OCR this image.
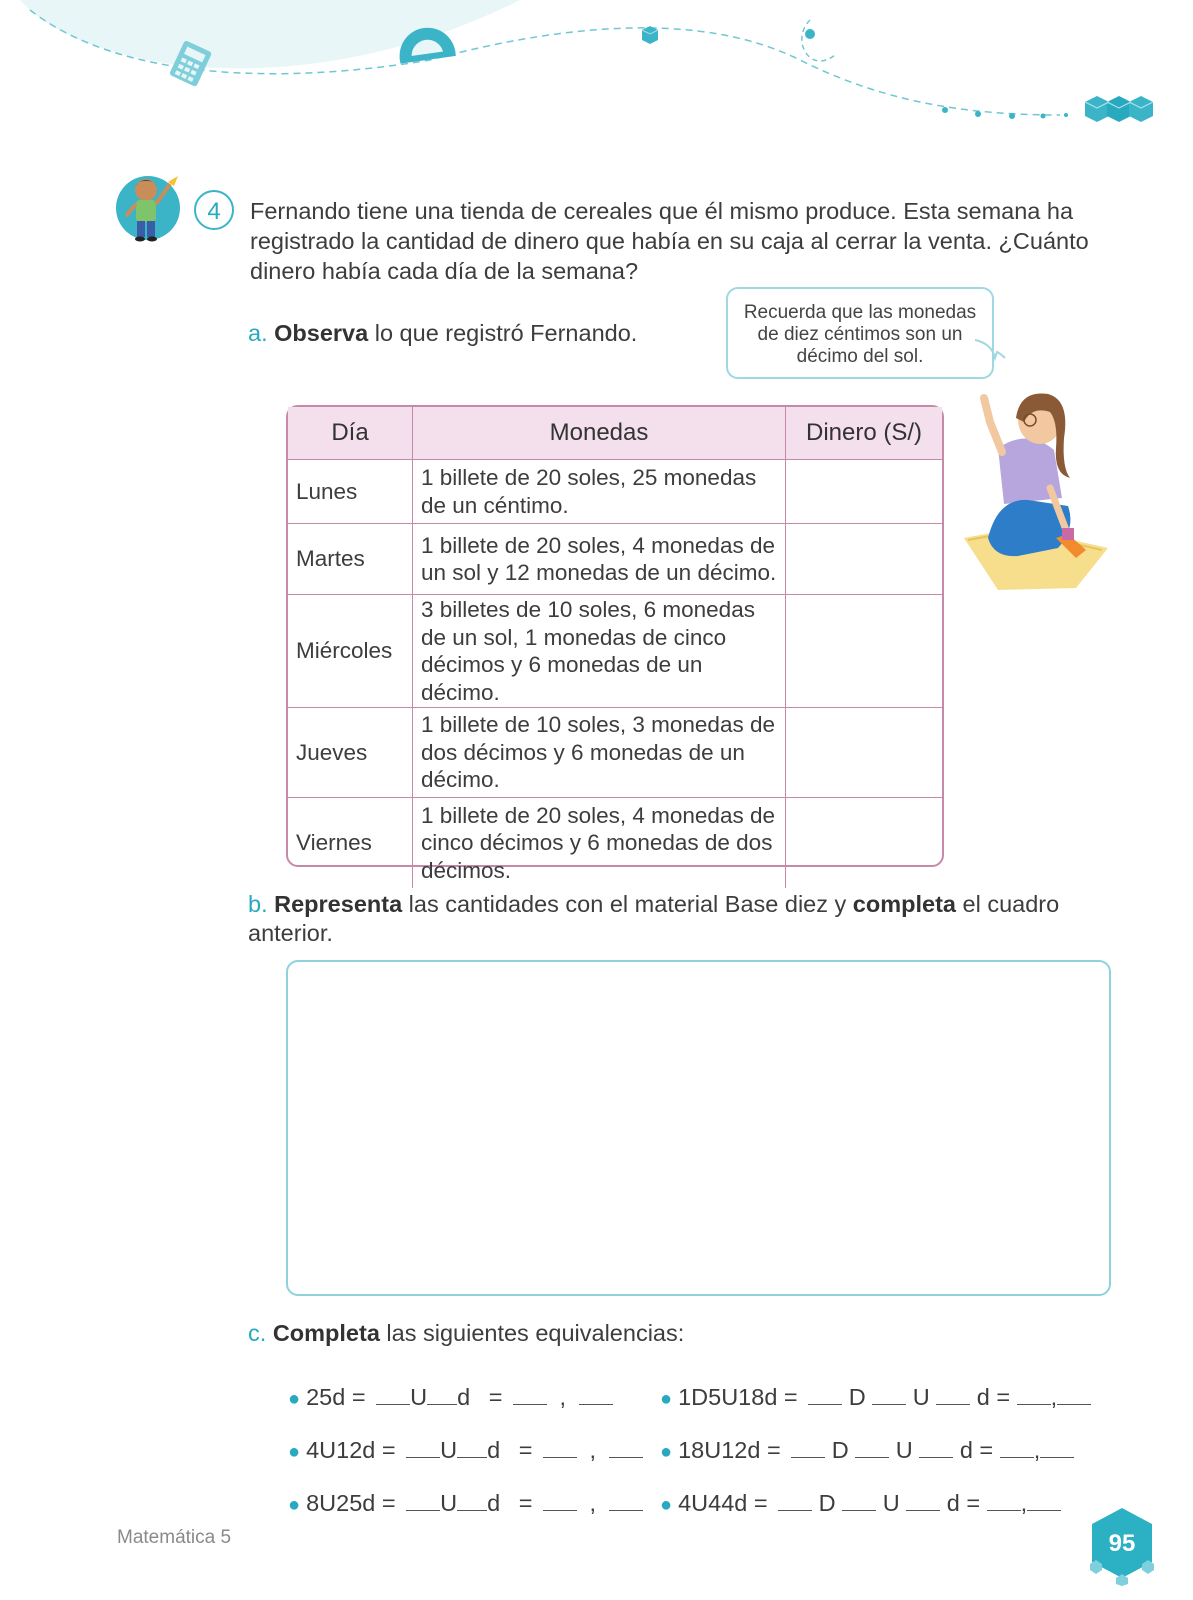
4	Fernando tiene una tienda de cereales que él mismo produce. Esta semana ha registrado la cantidad de dinero que había en su caja al cerrar la venta. ¿Cuánto dinero había cada día de la semana?
a. Observa lo que registró Fernando.
Recuerda que las monedas
de diez céntimos son un
décimo del sol.
Día	Monedas	Dinero (S/)
Lunes	1 billete de 20 soles, 25 monedas de un céntimo.	
Martes	1 billete de 20 soles, 4 monedas de un sol y 12 monedas de un décimo.	
Miércoles	3 billetes de 10 soles, 6 monedas de un sol, 1 monedas de cinco décimos y 6 monedas de un décimo.	
Jueves	1 billete de 10 soles, 3 monedas de dos décimos y 6 monedas de un décimo.	
Viernes	1 billete de 20 soles, 4 monedas de cinco décimos y 6 monedas de dos décimos.	
b. Representa las cantidades con el material Base diez y completa el cuadro anterior.
c. Completa las siguientes equivalencias:
● 25d = U d = ,
● 4U12d = U d = ,
● 8U25d = U d = ,
● 1D5U18d = D U d = ,
● 18U12d = D U d = ,
● 4U44d = D U d = ,
Matemática 5	95
